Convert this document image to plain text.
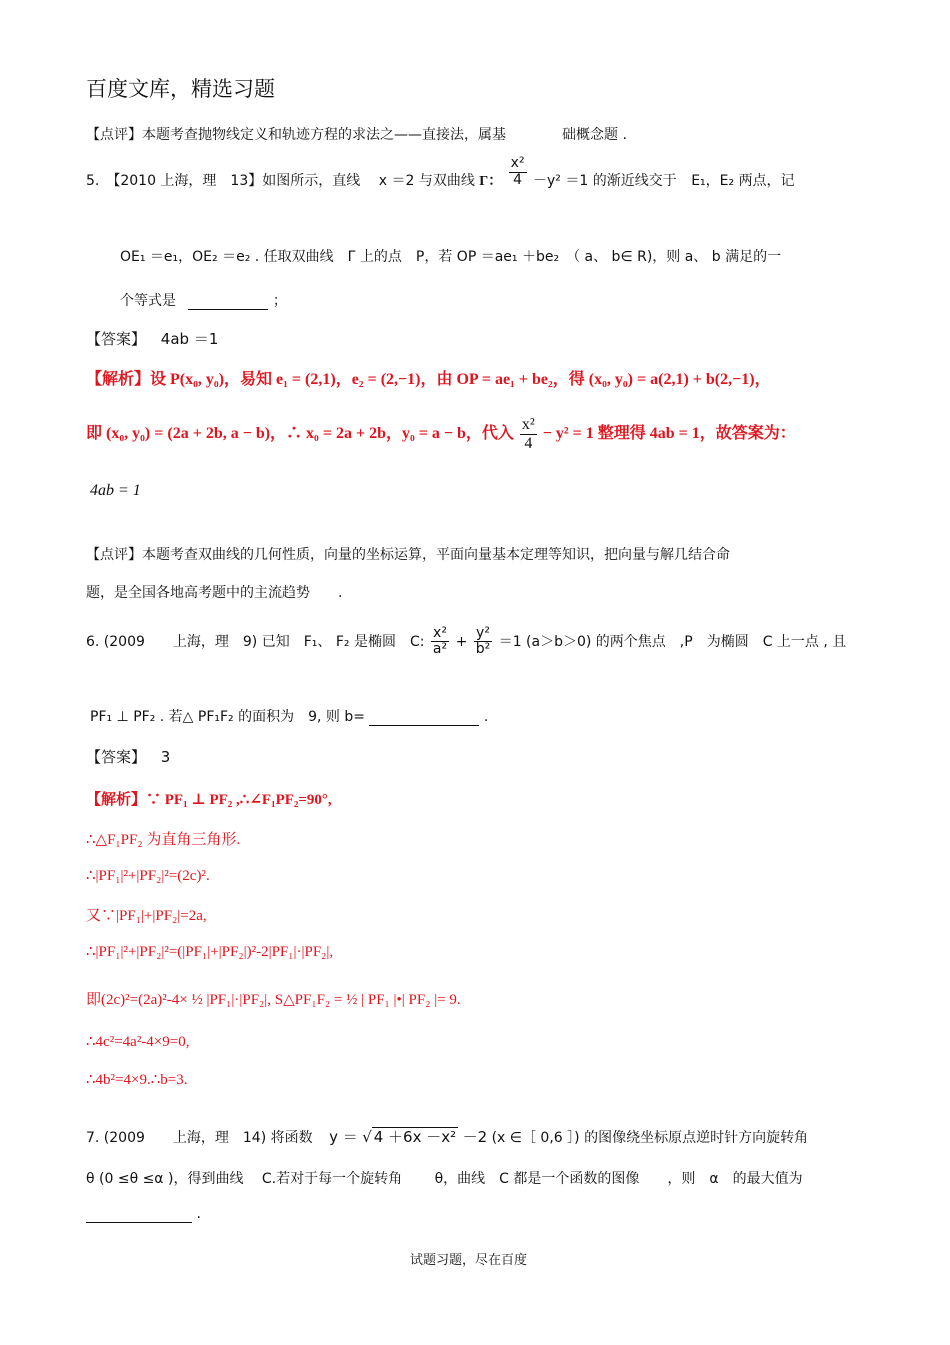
百度文库，精选习题
【点评】本题考查抛物线定义和轨迹方程的求法之——直接法，属基　　　　础概念题 .
5.　【2010 上海，理　13】如图所示，直线 x ＝2 与双曲线 Γ： $\frac{\text{x²}}{4} -y^2 =1$ 的渐近线交于 E₁，E₂ 两点，记
OE₁ ＝e₁，OE₂ ＝e₂ . 任取双曲线　Γ 上的点　P，若 OP ＝ae₁ ＋be₂　（ a、 b∈ R)，则 a、 b 满足的一
个等式是	；
【答案】 4ab ＝1
【解析】设 P(x₀, y₀)，易知 e₁ = (2,1)，e₂ = (2,−1)，由 OP = ae₁ + be₂，得 (x₀, y₀) = a(2,1) + b(2,−1)，
即 (x₀, y₀) = (2a + 2b, a − b)，∴ x₀ = 2a + 2b，y₀ = a − b，代入 $\frac{\text{x²}}{4} - y^2 = 1$ 整理得 4ab = 1，故答案为：
4ab = 1
【点评】本题考查双曲线的几何性质，向量的坐标运算，平面向量基本定理等知识，把向量与解几结合命
题，是全国各地高考题中的主流趋势　　.
6. (2009　　上海，理　9) 已知　F₁、 F₂ 是椭圆　C: $\frac{\text{x²}}{\text{a²}} + \frac{\text{y²}}{\text{b²}} =1$ (a＞b＞0) 的两个焦点　,P　为椭圆　C 上一点 , 且
PF₁ ⊥ PF₂ . 若△ PF₁F₂ 的面积为　9, 则 b=	.
【答案】 3
【解析】∵ PF₁ ⊥ PF₂ ,∴∠F₁PF₂=90°,
∴△F₁PF₂ 为直角三角形.
∴|PF₁|²+|PF₂|²=(2c)².
又∵|PF₁|+|PF₂|=2a,
∴|PF₁|²+|PF₂|²=(|PF₁|+|PF₂|)²-2|PF₁|·|PF₂|,
即(2c)²=(2a)²-4× ½ |PF₁|·|PF₂|, S△PF₁F₂ = ½ | PF₁ |•| PF₂ |= 9.
∴4c²=4a²-4×9=0,
∴4b²=4×9.∴b=3.
7. (2009　　上海，理　14) 将函数 y ＝ √ 4 ＋6x －x² －2 (x ∈［ 0,6 ］) 的图像绕坐标原点逆时针方向旋转角
θ (0 ≤θ ≤α )，得到曲线　 C.若对于每一个旋转角　　 θ，曲线　C 都是一个函数的图像　　，则　α　的最大值为
.
试题习题，尽在百度
